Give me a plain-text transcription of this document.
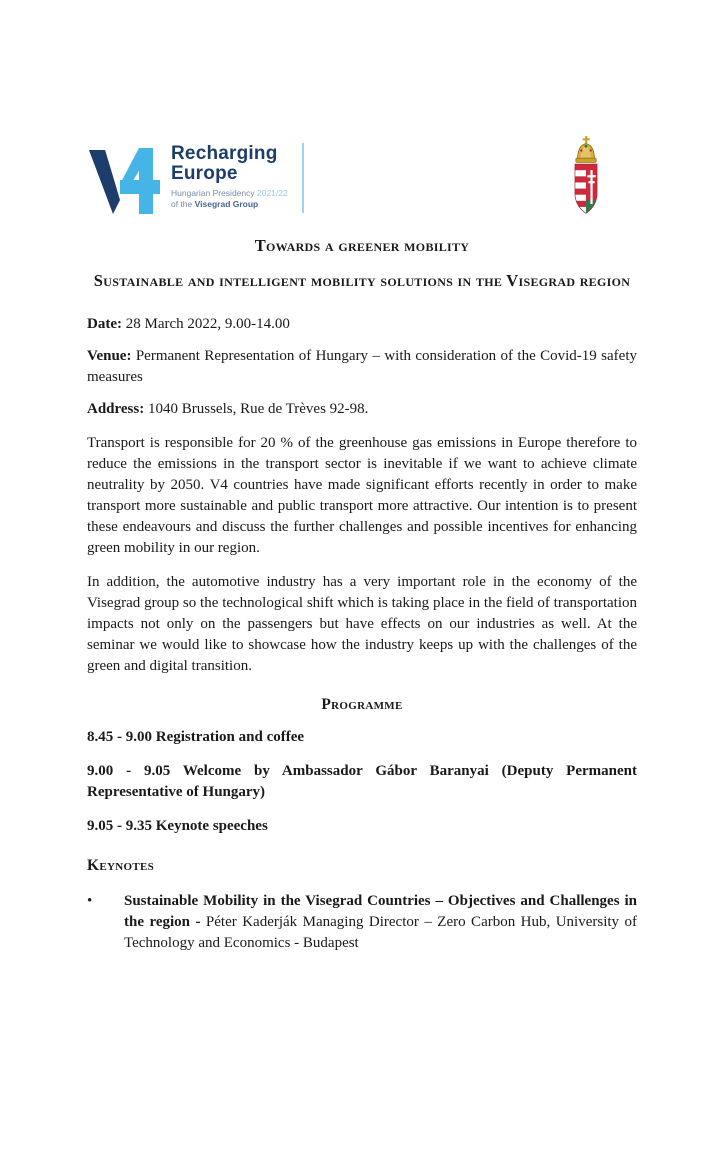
Recharging
Europe
Hungarian Presidency 2021/22
of the Visegrad Group
Towards a greener mobility
Sustainable and intelligent mobility solutions in the Visegrad region
Date: 28 March 2022, 9.00-14.00
Venue: Permanent Representation of Hungary – with consideration of the Covid-19 safety measures
Address: 1040 Brussels, Rue de Trèves 92-98.

Transport is responsible for 20 % of the greenhouse gas emissions in Europe therefore to reduce the emissions in the transport sector is inevitable if we want to achieve climate neutrality by 2050. V4 countries have made significant efforts recently in order to make transport more sustainable and public transport more attractive. Our intention is to present these endeavours and discuss the further challenges and possible incentives for enhancing green mobility in our region.

In addition, the automotive industry has a very important role in the economy of the Visegrad group so the technological shift which is taking place in the field of transportation impacts not only on the passengers but have effects on our industries as well. At the seminar we would like to showcase how the industry keeps up with the challenges of the green and digital transition.

Programme

8.45 - 9.00 Registration and coffee

9.00 - 9.05 Welcome by Ambassador Gábor Baranyai (Deputy Permanent Representative of Hungary)

9.05 - 9.35 Keynote speeches

Keynotes
•	Sustainable Mobility in the Visegrad Countries – Objectives and Challenges in the region - Péter Kaderják Managing Director – Zero Carbon Hub, University of Technology and Economics - Budapest
